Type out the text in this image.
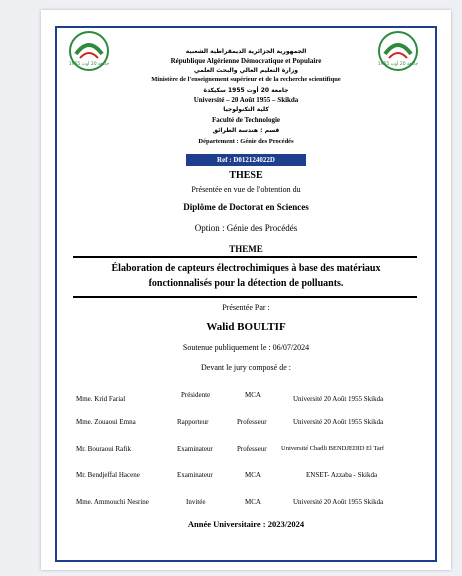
جامعة 20 أوت 1955	جامعة 20 أوت 1955
الجمهورية الجزائرية الديمقراطية الشعبية
République Algérienne Démocratique et Populaire
وزارة التعليم العالي والبحث العلمي
Ministère de l'enseignement supérieur et de la recherche scientifique
جامعة 20 أوت 1955 سكيكدة
Université – 20 Août 1955 – Skikda
كلية التكنولوجيا
Faculté de Technologie
قسم : هندسة الطرائق
Département : Génie des Procédés
Ref : D012124022D
THESE
Présentée en vue de l'obtention du
Diplôme de Doctorat en Sciences
Option : Génie des Procédés
THEME
Élaboration de capteurs électrochimiques à base des matériaux
fonctionnalisés pour la détection de polluants.
Présentée Par :
Walid BOULTIF
Soutenue publiquement le : 06/07/2024
Devant le jury composé de :
Mme. Krid Farial	Présidente	MCA	Université 20 Août 1955 Skikda
Mme. Zouaoui Emna	Rapporteur	Professeur	Université 20 Août 1955 Skikda
Mr. Bouraoui Rafik	Examinateur	Professeur Université Chadli BENDJEDID El Tarf
Mr. Bendjeffal Hacene	Examinateur	MCA	ENSET- Azzaba - Skikda
Mme. Ammouchi Nesrine	Invitée	MCA	Université 20 Août 1955 Skikda
Année Universitaire : 2023/2024
